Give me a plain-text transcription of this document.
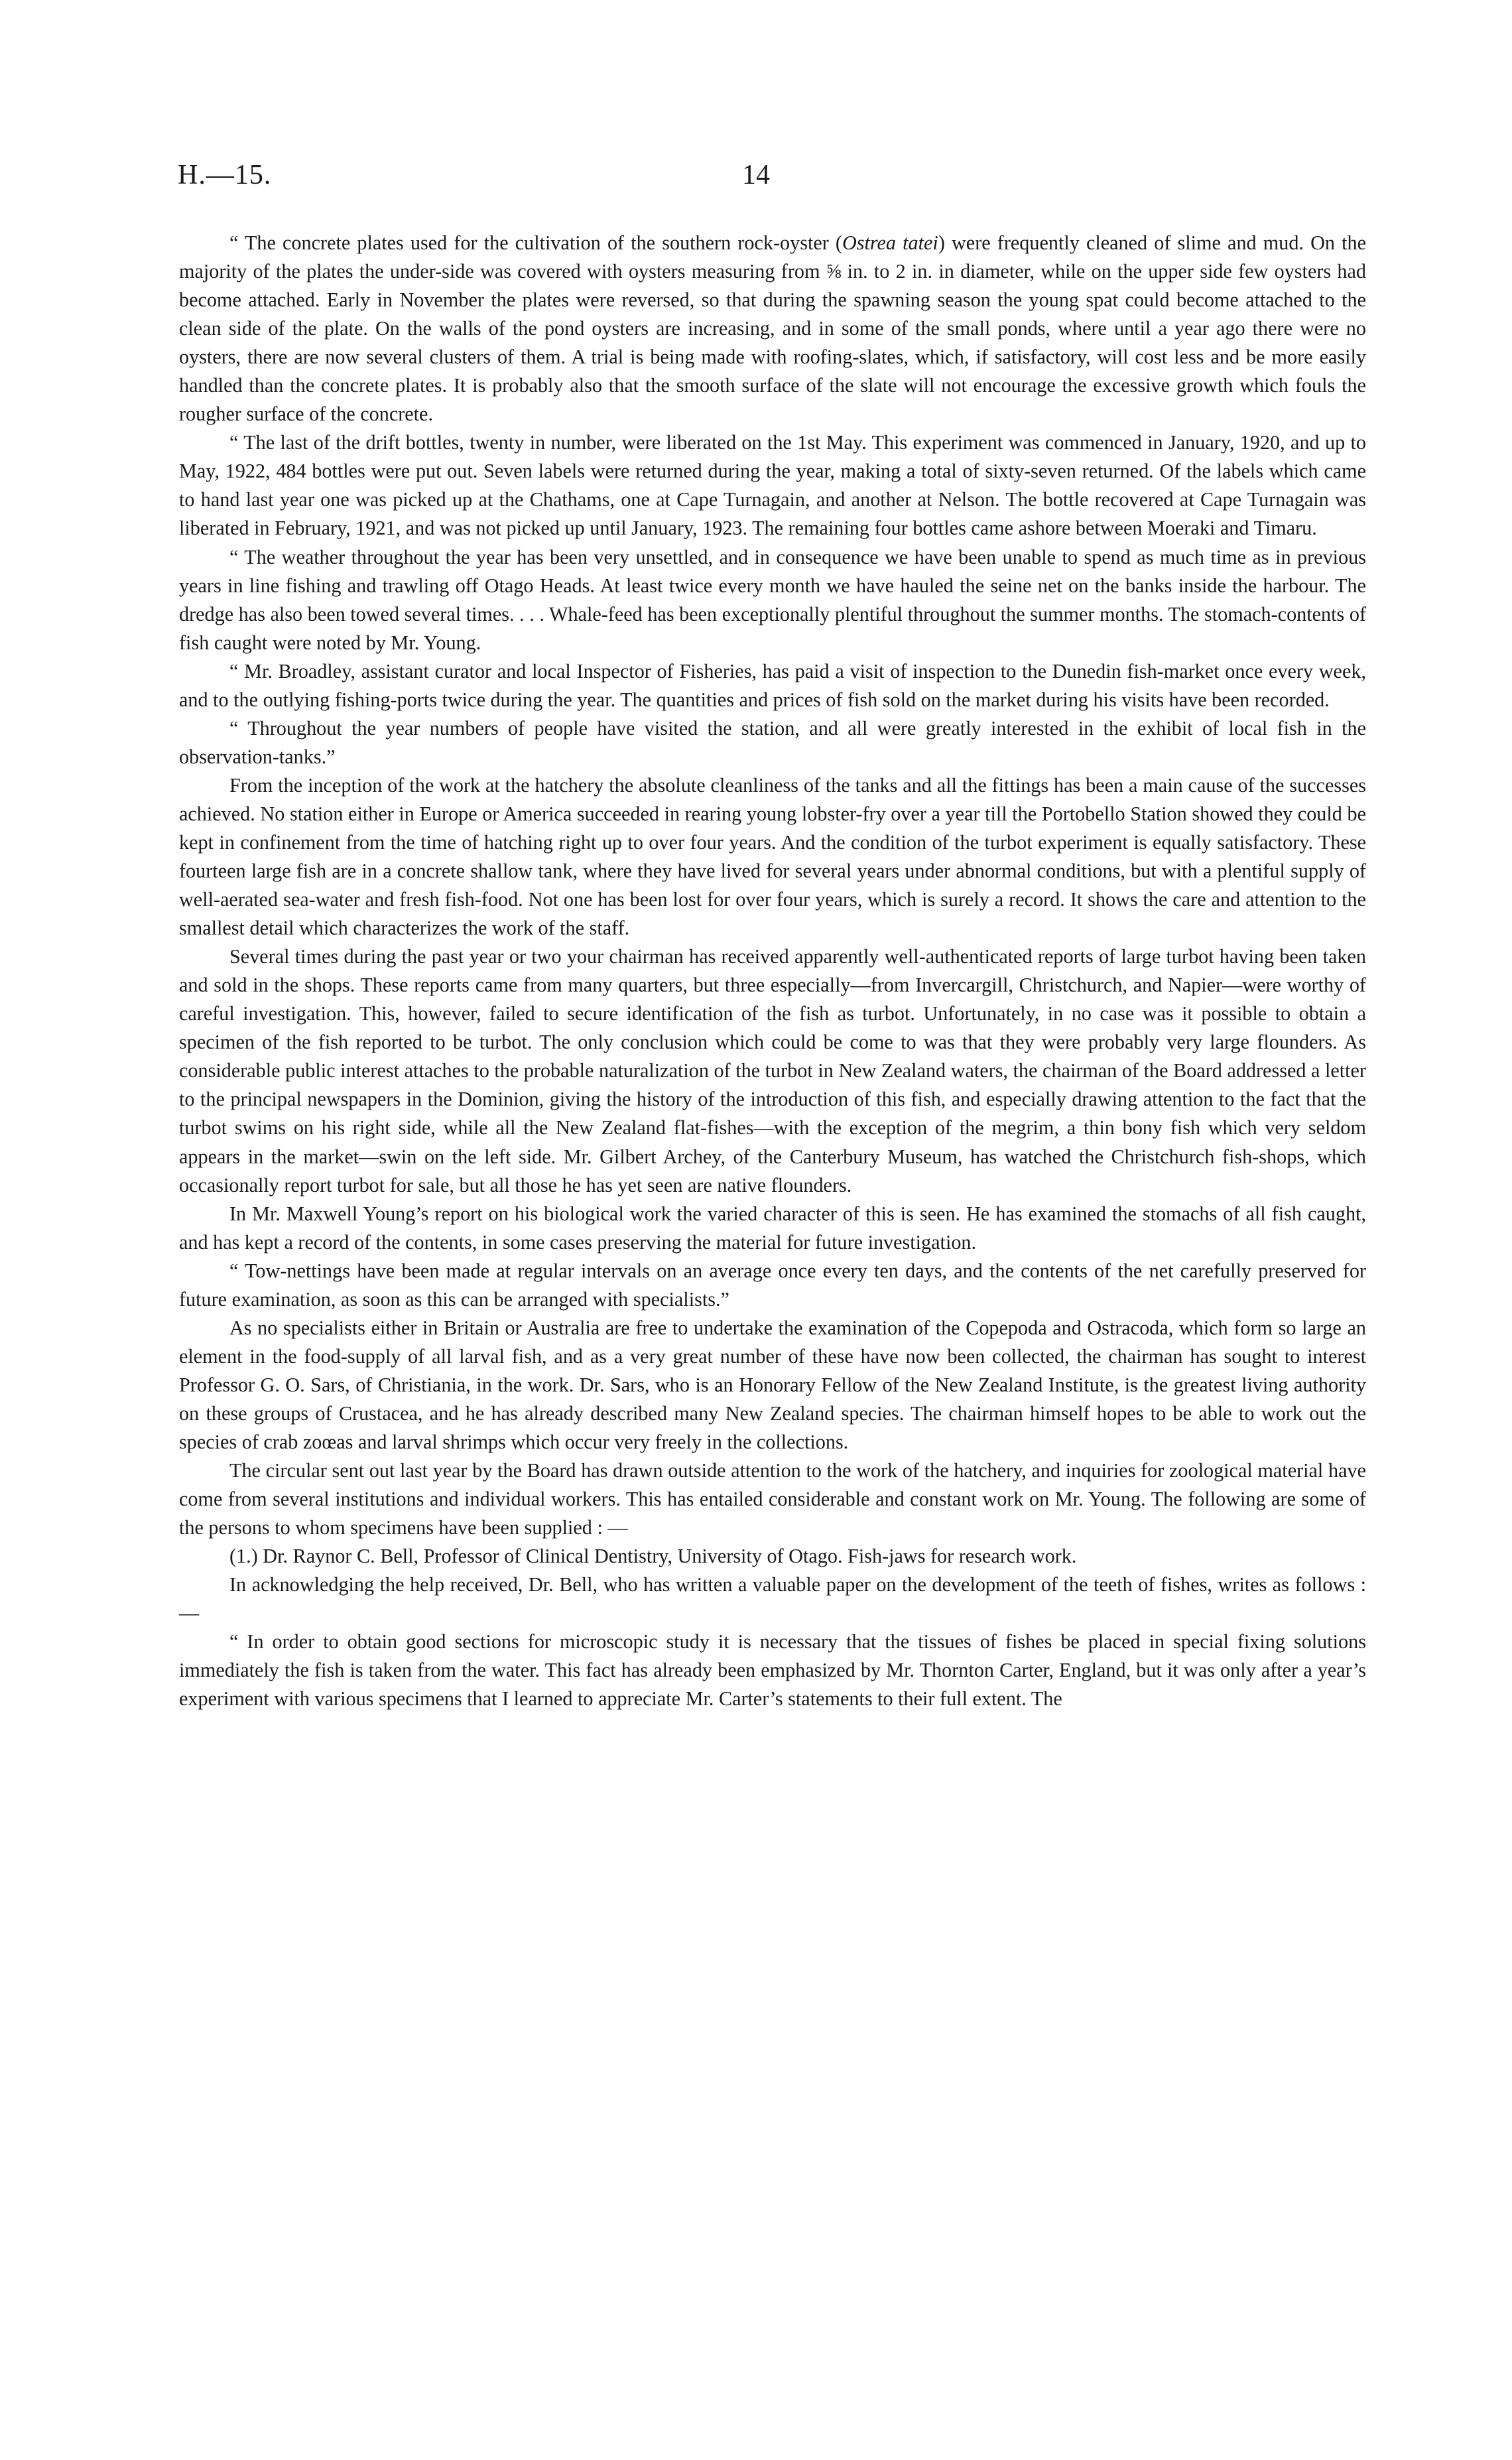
H.—15.	14

“ The concrete plates used for the cultivation of the southern rock-oyster (Ostrea tatei) were frequently cleaned of slime and mud. On the majority of the plates the under-side was covered with oysters measuring from ⅝ in. to 2 in. in diameter, while on the upper side few oysters had become attached. Early in November the plates were reversed, so that during the spawning season the young spat could become attached to the clean side of the plate. On the walls of the pond oysters are increasing, and in some of the small ponds, where until a year ago there were no oysters, there are now several clusters of them. A trial is being made with roofing-slates, which, if satisfactory, will cost less and be more easily handled than the concrete plates. It is probably also that the smooth surface of the slate will not encourage the excessive growth which fouls the rougher surface of the concrete.

“ The last of the drift bottles, twenty in number, were liberated on the 1st May. This experiment was commenced in January, 1920, and up to May, 1922, 484 bottles were put out. Seven labels were returned during the year, making a total of sixty-seven returned. Of the labels which came to hand last year one was picked up at the Chathams, one at Cape Turnagain, and another at Nelson. The bottle recovered at Cape Turnagain was liberated in February, 1921, and was not picked up until January, 1923. The remaining four bottles came ashore between Moeraki and Timaru.

“ The weather throughout the year has been very unsettled, and in consequence we have been unable to spend as much time as in previous years in line fishing and trawling off Otago Heads. At least twice every month we have hauled the seine net on the banks inside the harbour. The dredge has also been towed several times. . . . Whale-feed has been exceptionally plentiful throughout the summer months. The stomach-contents of fish caught were noted by Mr. Young.

“ Mr. Broadley, assistant curator and local Inspector of Fisheries, has paid a visit of inspection to the Dunedin fish-market once every week, and to the outlying fishing-ports twice during the year. The quantities and prices of fish sold on the market during his visits have been recorded.

“ Throughout the year numbers of people have visited the station, and all were greatly interested in the exhibit of local fish in the observation-tanks.”

From the inception of the work at the hatchery the absolute cleanliness of the tanks and all the fittings has been a main cause of the successes achieved. No station either in Europe or America succeeded in rearing young lobster-fry over a year till the Portobello Station showed they could be kept in confinement from the time of hatching right up to over four years. And the condition of the turbot experiment is equally satisfactory. These fourteen large fish are in a concrete shallow tank, where they have lived for several years under abnormal conditions, but with a plentiful supply of well-aerated sea-water and fresh fish-food. Not one has been lost for over four years, which is surely a record. It shows the care and attention to the smallest detail which characterizes the work of the staff.

Several times during the past year or two your chairman has received apparently well-authenticated reports of large turbot having been taken and sold in the shops. These reports came from many quarters, but three especially—from Invercargill, Christchurch, and Napier—were worthy of careful investigation. This, however, failed to secure identification of the fish as turbot. Unfortunately, in no case was it possible to obtain a specimen of the fish reported to be turbot. The only conclusion which could be come to was that they were probably very large flounders. As considerable public interest attaches to the probable naturalization of the turbot in New Zealand waters, the chairman of the Board addressed a letter to the principal newspapers in the Dominion, giving the history of the introduction of this fish, and especially drawing attention to the fact that the turbot swims on his right side, while all the New Zealand flat-fishes—with the exception of the megrim, a thin bony fish which very seldom appears in the market—swin on the left side. Mr. Gilbert Archey, of the Canterbury Museum, has watched the Christchurch fish-shops, which occasionally report turbot for sale, but all those he has yet seen are native flounders.

In Mr. Maxwell Young’s report on his biological work the varied character of this is seen. He has examined the stomachs of all fish caught, and has kept a record of the contents, in some cases preserving the material for future investigation.

“ Tow-nettings have been made at regular intervals on an average once every ten days, and the contents of the net carefully preserved for future examination, as soon as this can be arranged with specialists.”

As no specialists either in Britain or Australia are free to undertake the examination of the Copepoda and Ostracoda, which form so large an element in the food-supply of all larval fish, and as a very great number of these have now been collected, the chairman has sought to interest Professor G. O. Sars, of Christiania, in the work. Dr. Sars, who is an Honorary Fellow of the New Zealand Institute, is the greatest living authority on these groups of Crustacea, and he has already described many New Zealand species. The chairman himself hopes to be able to work out the species of crab zoœas and larval shrimps which occur very freely in the collections.

The circular sent out last year by the Board has drawn outside attention to the work of the hatchery, and inquiries for zoological material have come from several institutions and individual workers. This has entailed considerable and constant work on Mr. Young. The following are some of the persons to whom specimens have been supplied : —

(1.) Dr. Raynor C. Bell, Professor of Clinical Dentistry, University of Otago. Fish-jaws for research work.

In acknowledging the help received, Dr. Bell, who has written a valuable paper on the development of the teeth of fishes, writes as follows :—

“ In order to obtain good sections for microscopic study it is necessary that the tissues of fishes be placed in special fixing solutions immediately the fish is taken from the water. This fact has already been emphasized by Mr. Thornton Carter, England, but it was only after a year’s experiment with various specimens that I learned to appreciate Mr. Carter’s statements to their full extent. The
